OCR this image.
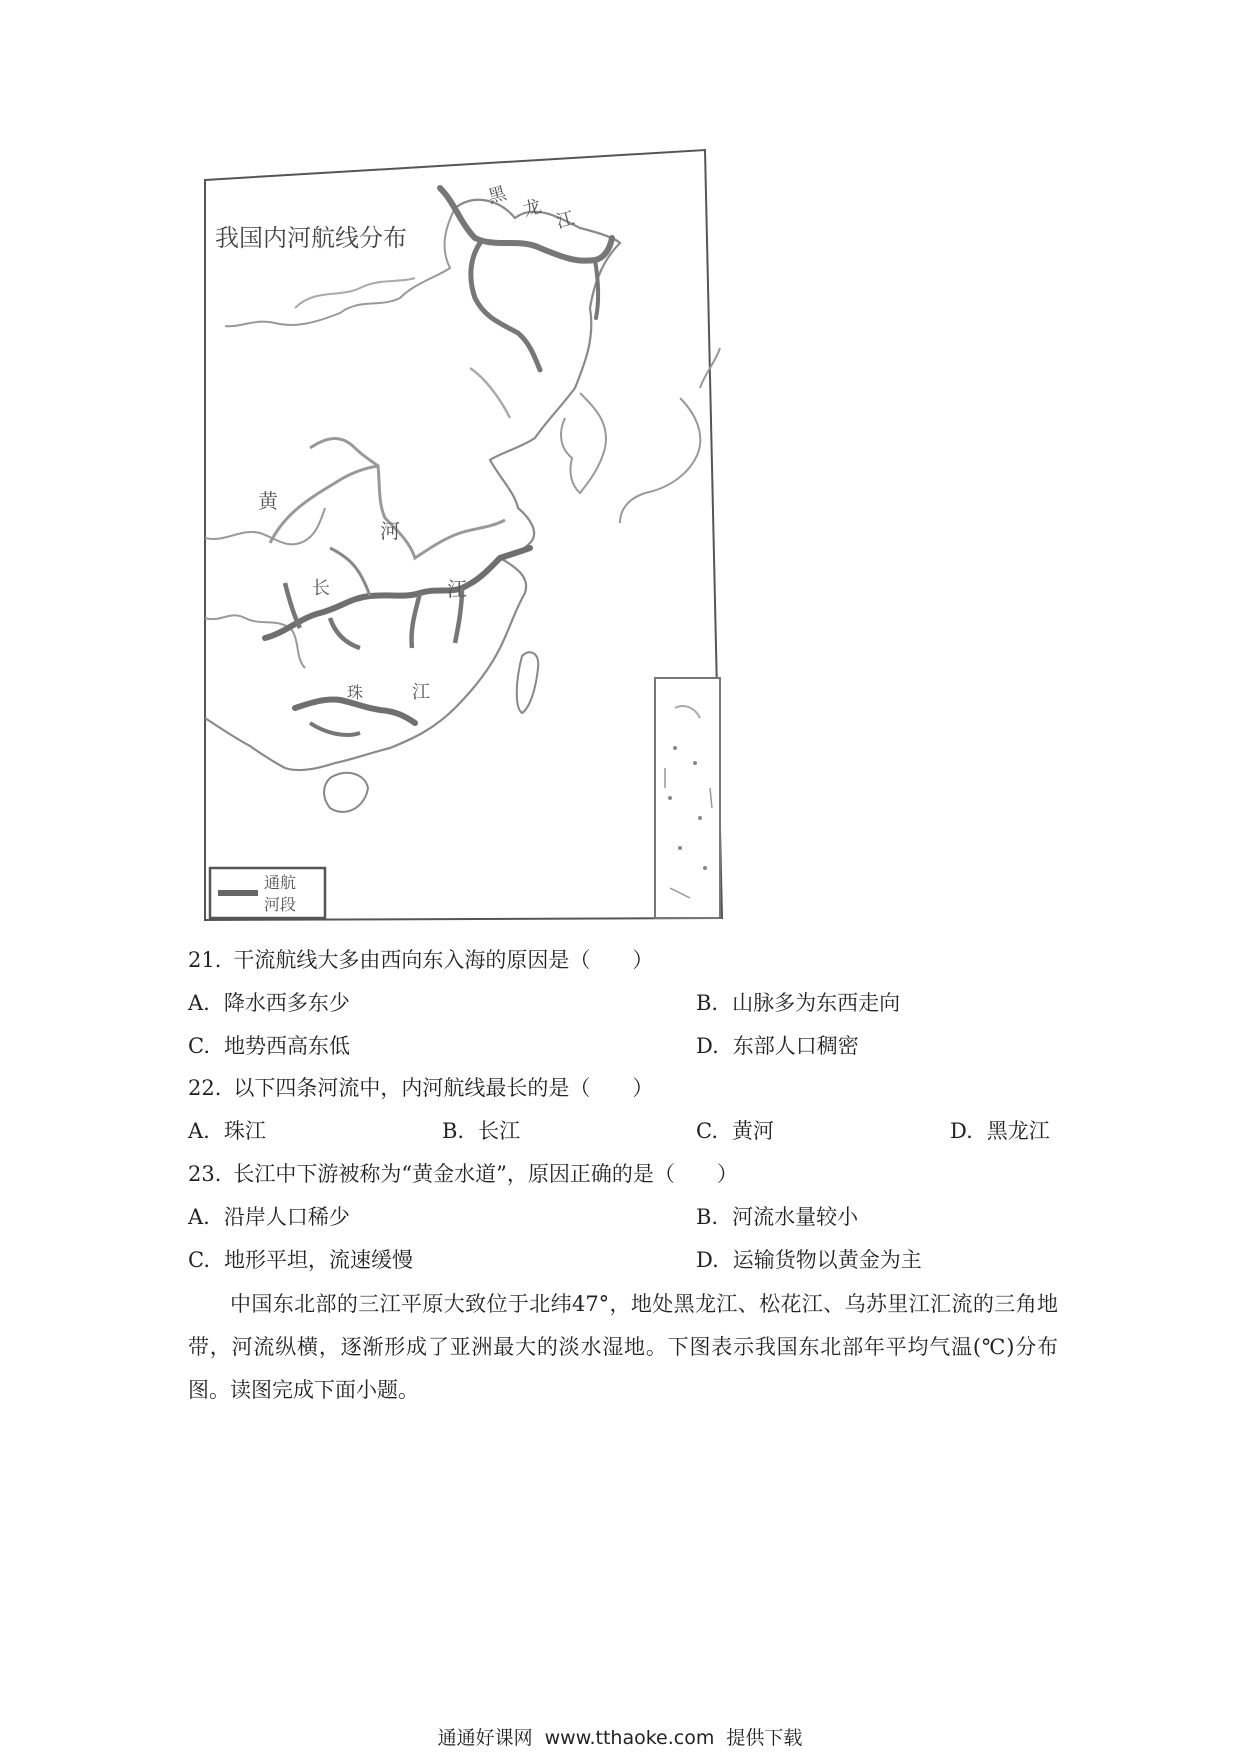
我国内河航线分布
黑
龙 江
黄
河
长	江
珠	江
通航
河段
21. 干流航线大多由西向东入海的原因是（　　）
A. 降水西多东少	B. 山脉多为东西走向
C. 地势西高东低	D. 东部人口稠密
22. 以下四条河流中，内河航线最长的是（　　）
A. 珠江	B. 长江	C. 黄河	D. 黑龙江
23. 长江中下游被称为“黄金水道”，原因正确的是（　　）
A. 沿岸人口稀少	B. 河流水量较小
C. 地形平坦，流速缓慢	D. 运输货物以黄金为主
中国东北部的三江平原大致位于北纬47°，地处黑龙江、松花江、乌苏里江汇流的三角地带，河流纵横，逐渐形成了亚洲最大的淡水湿地。下图表示我国东北部年平均气温(℃)分布图。读图完成下面小题。
通通好课网 www.tthaoke.com 提供下载
